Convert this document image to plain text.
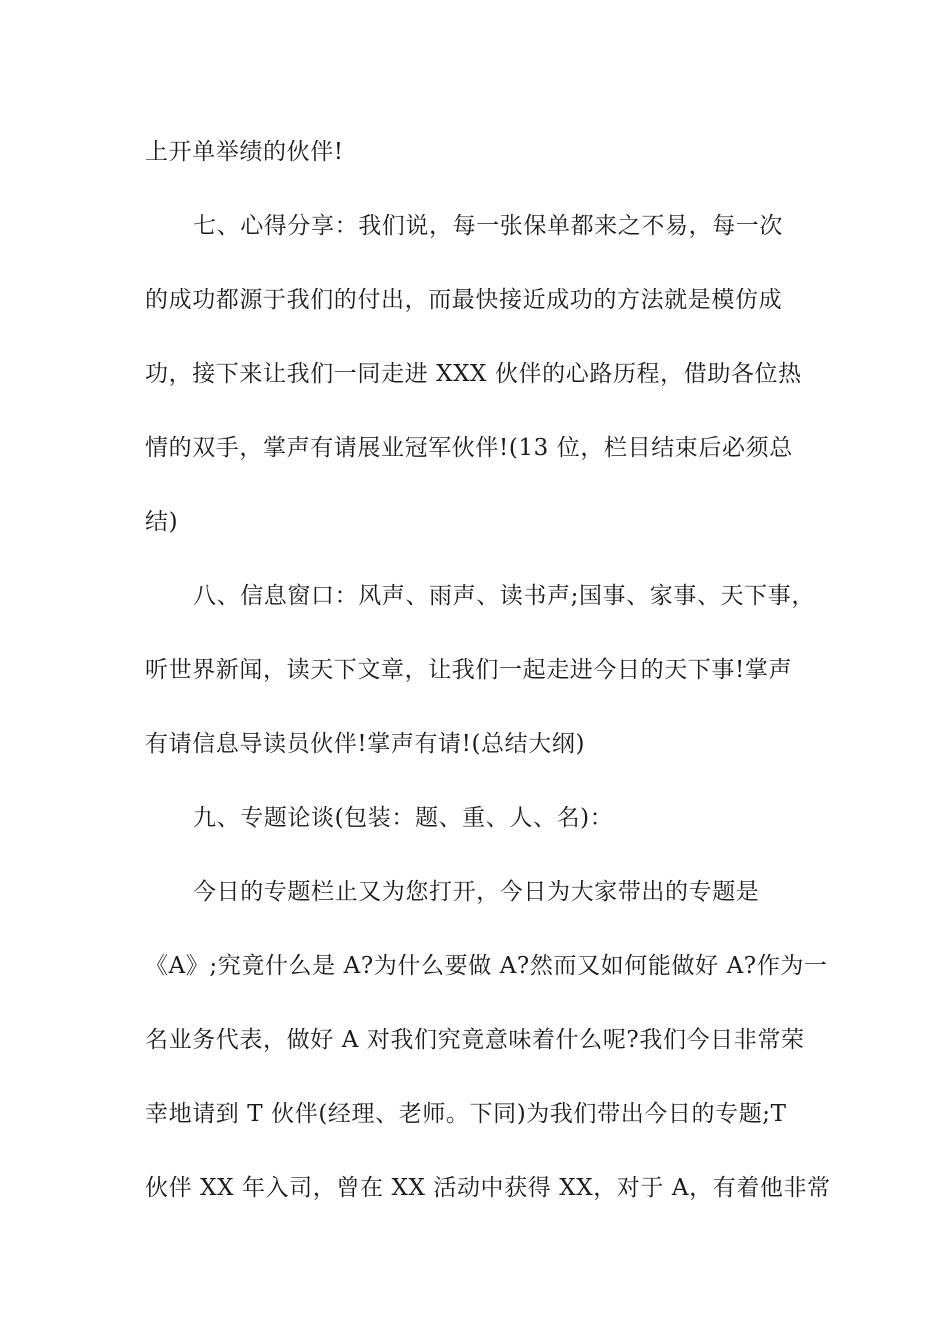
上开单举绩的伙伴!
七、心得分享：我们说，每一张保单都来之不易，每一次
的成功都源于我们的付出，而最快接近成功的方法就是模仿成
功，接下来让我们一同走进 XXX 伙伴的心路历程，借助各位热
情的双手，掌声有请展业冠军伙伴!(13 位，栏目结束后必须总
结)
八、信息窗口：风声、雨声、读书声;国事、家事、天下事，
听世界新闻，读天下文章，让我们一起走进今日的天下事!掌声
有请信息导读员伙伴!掌声有请!(总结大纲)
九、专题论谈(包装：题、重、人、名)：
今日的专题栏止又为您打开，今日为大家带出的专题是
《A》;究竟什么是 A?为什么要做 A?然而又如何能做好 A?作为一
名业务代表，做好 A 对我们究竟意味着什么呢?我们今日非常荣
幸地请到 T 伙伴(经理、老师。下同)为我们带出今日的专题;T
伙伴 XX 年入司，曾在 XX 活动中获得 XX，对于 A，有着他非常
